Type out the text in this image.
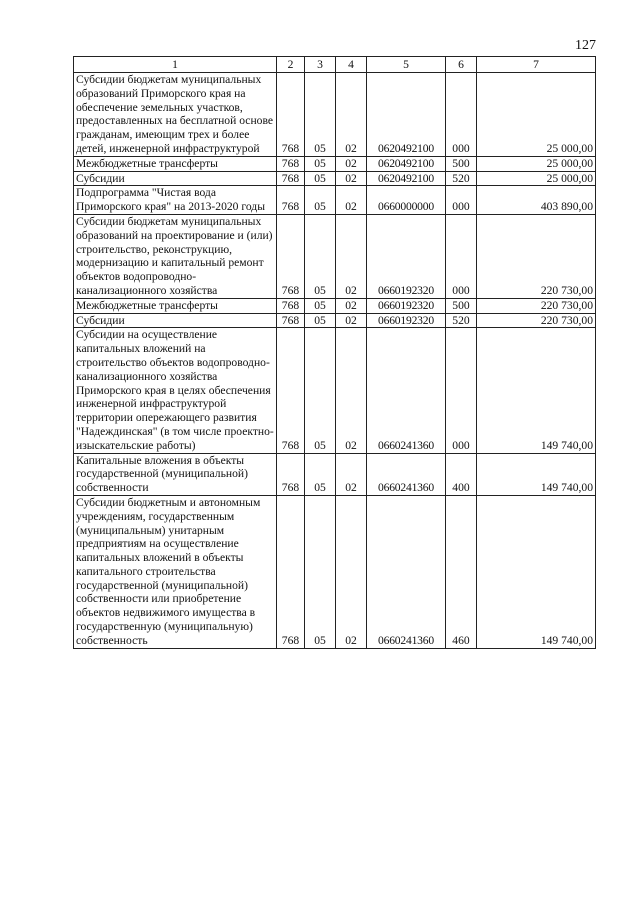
127
1	2	3	4	5	6	7
Субсидии бюджетам муниципальных образований Приморского края на обеспечение земельных участков, предоставленных на бесплатной основе гражданам, имеющим трех и более детей, инженерной инфраструктурой	768	05	02	0620492100	000	25 000,00
Межбюджетные трансферты	768	05	02	0620492100	500	25 000,00
Субсидии	768	05	02	0620492100	520	25 000,00
Подпрограмма "Чистая вода Приморского края" на 2013-2020 годы	768	05	02	0660000000	000	403 890,00
Субсидии бюджетам муниципальных образований на проектирование и (или) строительство, реконструкцию, модернизацию и капитальный ремонт объектов водопроводно-канализационного хозяйства	768	05	02	0660192320	000	220 730,00
Межбюджетные трансферты	768	05	02	0660192320	500	220 730,00
Субсидии	768	05	02	0660192320	520	220 730,00
Субсидии на осуществление капитальных вложений на строительство объектов водопроводно-канализационного хозяйства Приморского края в целях обеспечения инженерной инфраструктурой территории опережающего развития "Надеждинская" (в том числе проектно-изыскательские работы)	768	05	02	0660241360	000	149 740,00
Капитальные вложения в объекты государственной (муниципальной) собственности	768	05	02	0660241360	400	149 740,00
Субсидии бюджетным и автономным учреждениям, государственным (муниципальным) унитарным предприятиям на осуществление капитальных вложений в объекты капитального строительства государственной (муниципальной) собственности или приобретение объектов недвижимого имущества в государственную (муниципальную) собственность	768	05	02	0660241360	460	149 740,00
